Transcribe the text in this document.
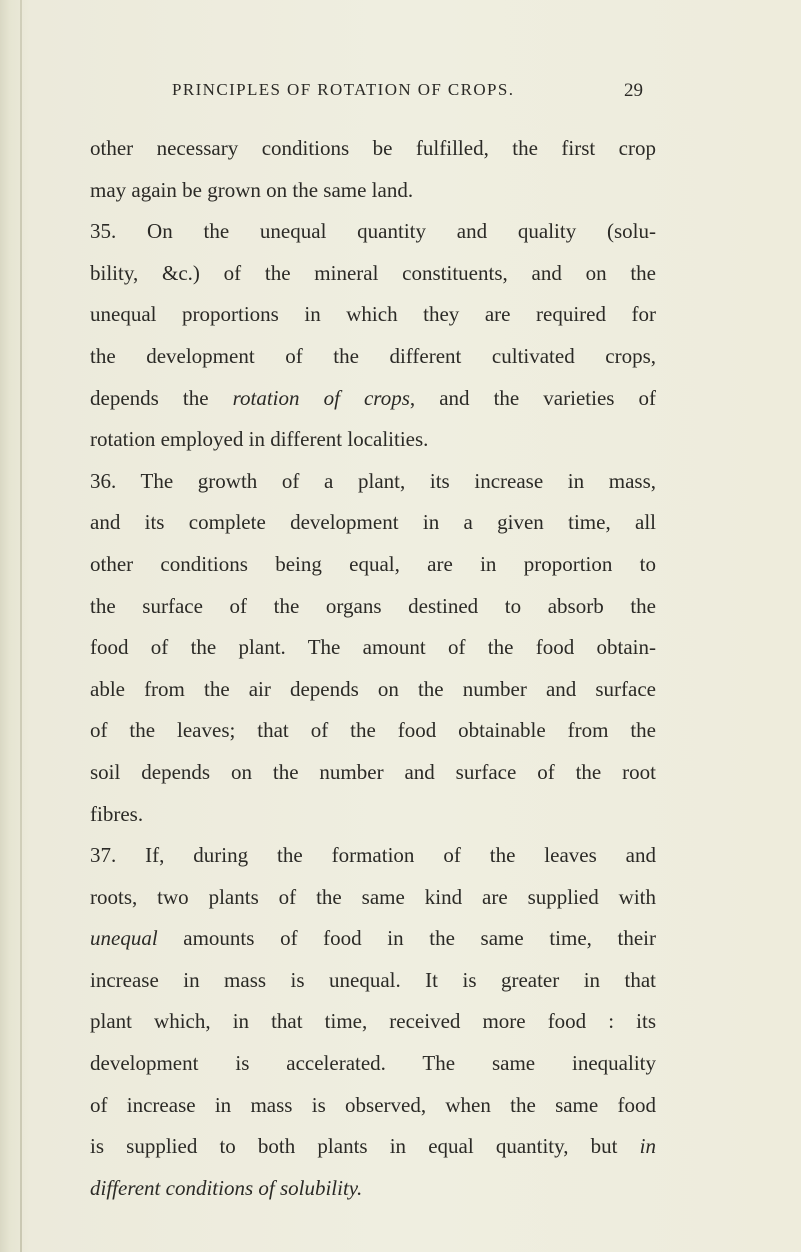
PRINCIPLES OF ROTATION OF CROPS.	29
other necessary conditions be fulfilled, the first crop
may again be grown on the same land.
35. On the unequal quantity and quality (solu-
bility, &c.) of the mineral constituents, and on the
unequal proportions in which they are required for
the development of the different cultivated crops,
depends the rotation of crops, and the varieties of
rotation employed in different localities.
36. The growth of a plant, its increase in mass,
and its complete development in a given time, all
other conditions being equal, are in proportion to
the surface of the organs destined to absorb the
food of the plant. The amount of the food obtain-
able from the air depends on the number and surface
of the leaves; that of the food obtainable from the
soil depends on the number and surface of the root
fibres.
37. If, during the formation of the leaves and
roots, two plants of the same kind are supplied with
unequal amounts of food in the same time, their
increase in mass is unequal. It is greater in that
plant which, in that time, received more food : its
development is accelerated. The same inequality
of increase in mass is observed, when the same food
is supplied to both plants in equal quantity, but in
different conditions of solubility.
